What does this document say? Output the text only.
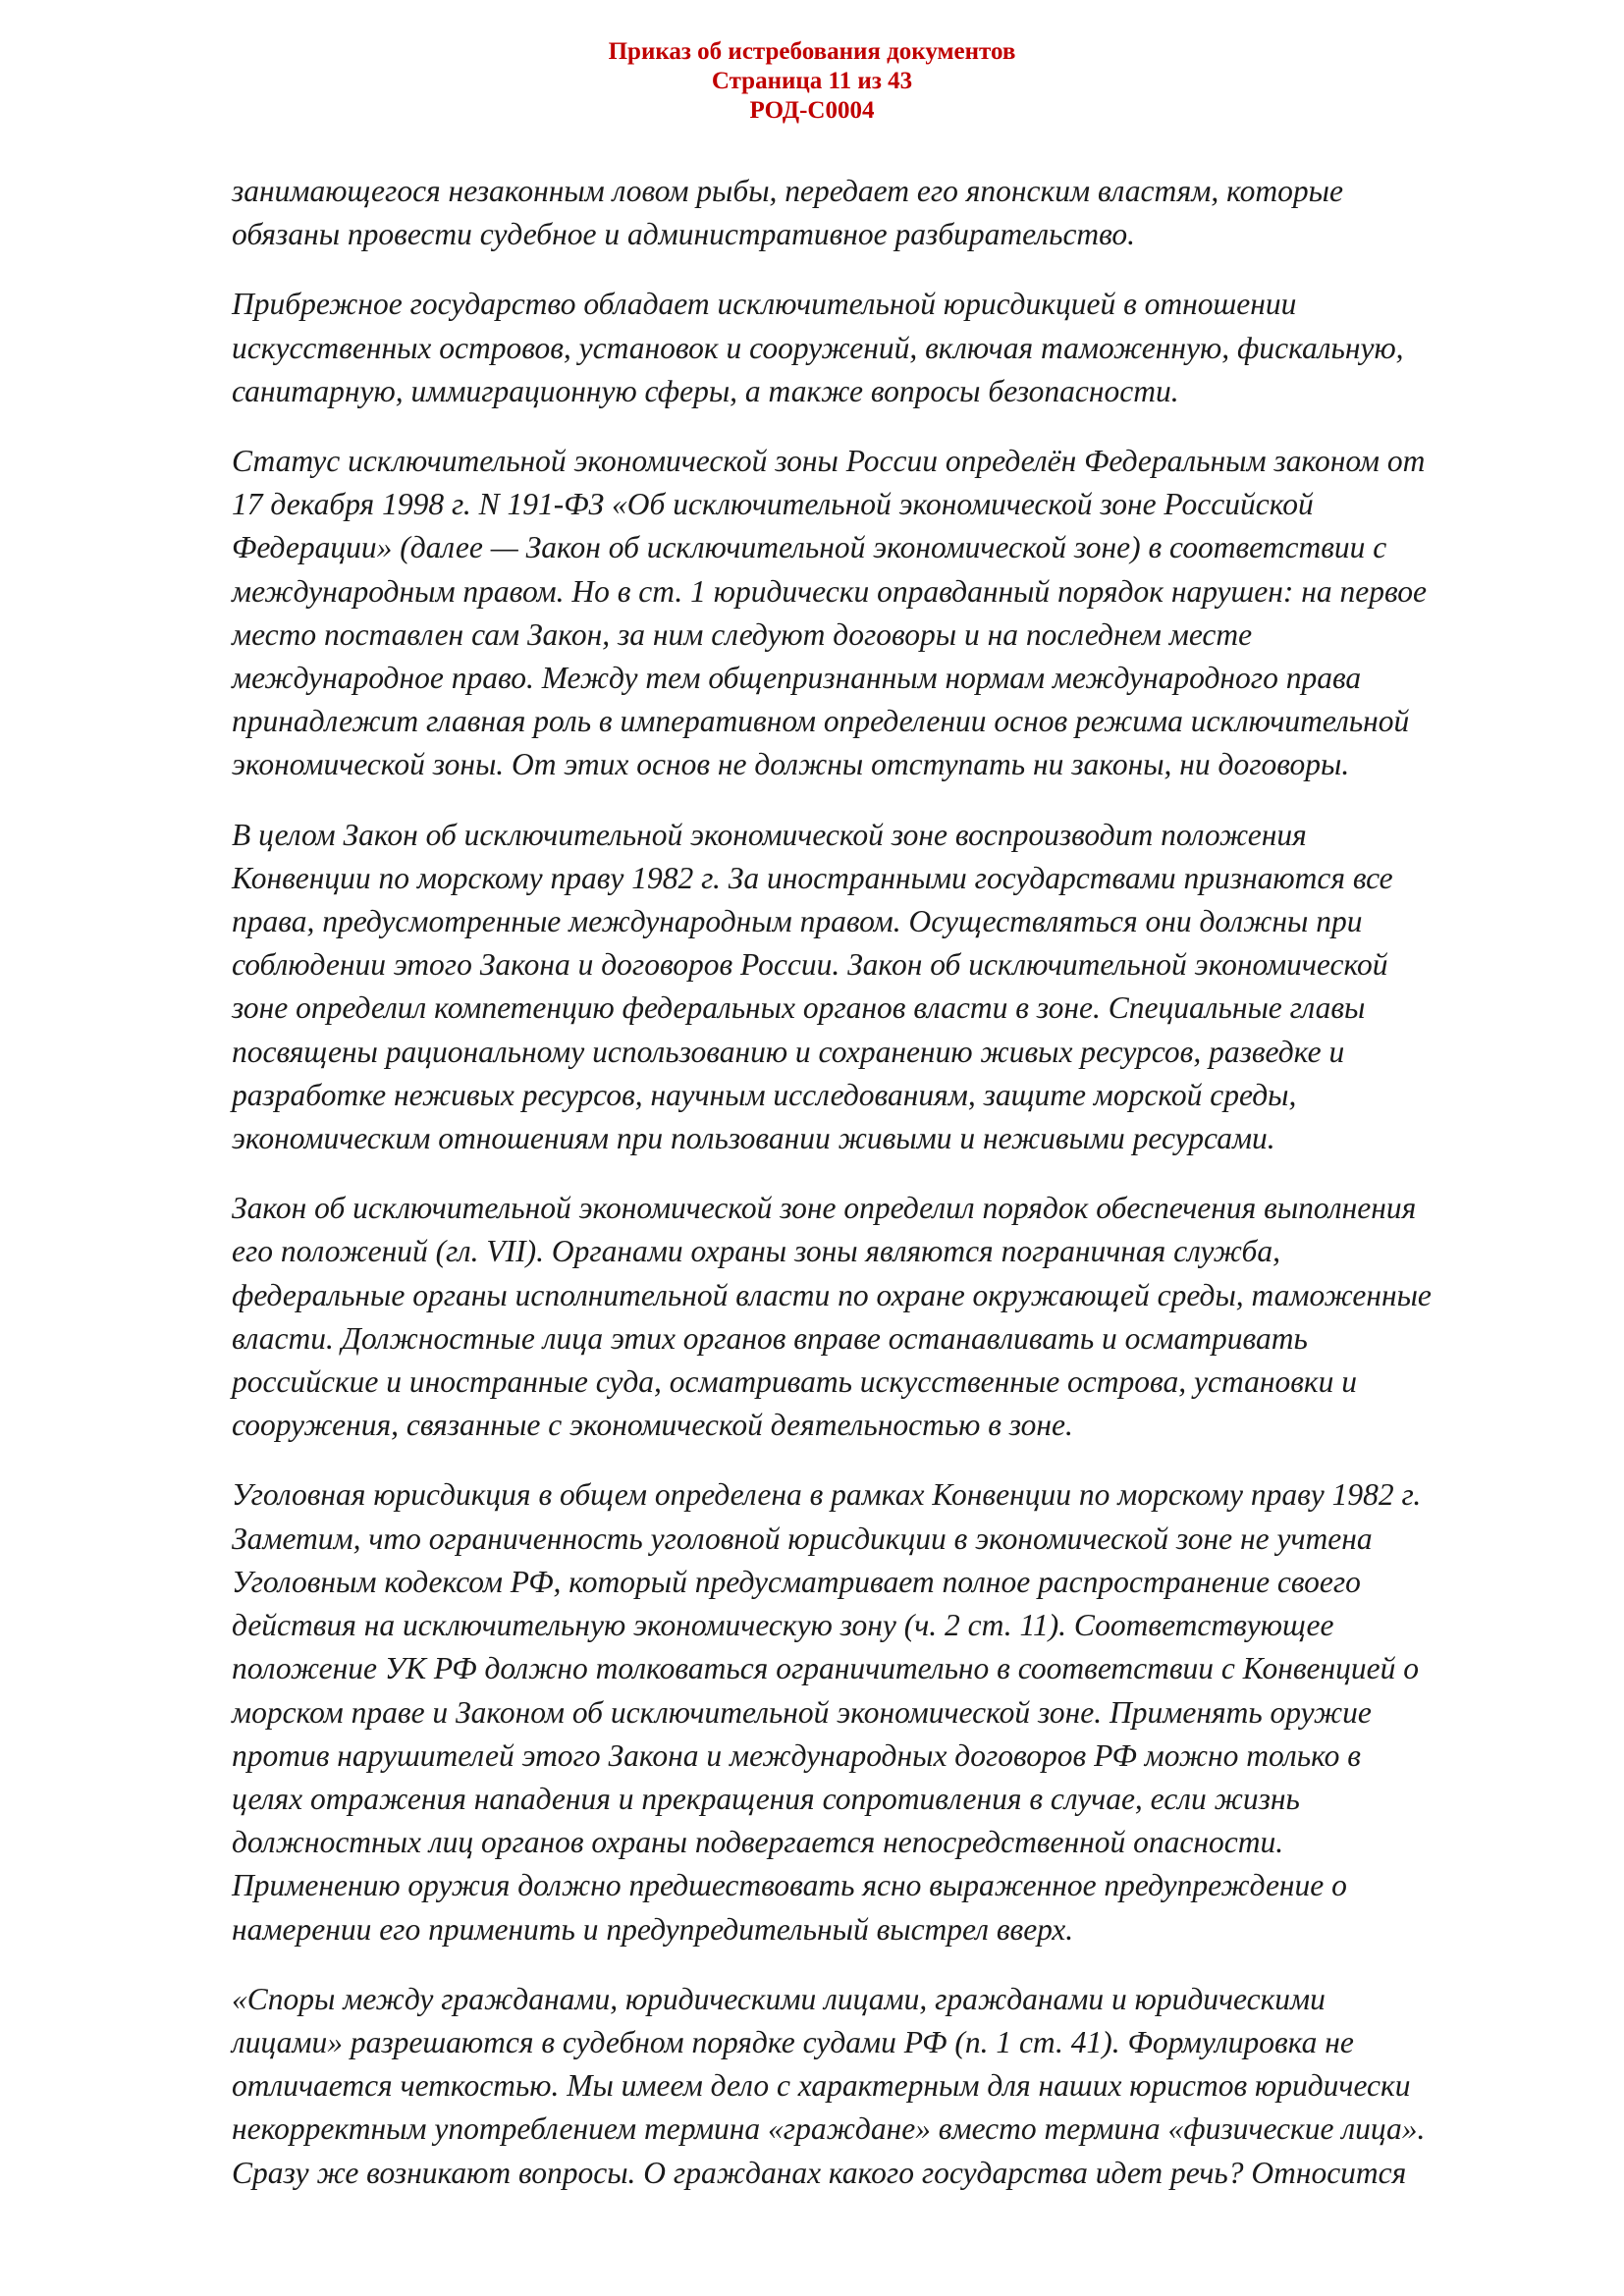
Приказ об истребования документов
Страница 11 из 43
РОД-С0004

занимающегося незаконным ловом рыбы, передает его японским властям, которые
обязаны провести судебное и административное разбирательство.

Прибрежное государство обладает исключительной юрисдикцией в отношении
искусственных островов, установок и сооружений, включая таможенную, фискальную,
санитарную, иммиграционную сферы, а также вопросы безопасности.

Статус исключительной экономической зоны России определён Федеральным законом от
17 декабря 1998 г. N 191-ФЗ «Об исключительной экономической зоне Российской
Федерации» (далее — Закон об исключительной экономической зоне) в соответствии с
международным правом. Но в ст. 1 юридически оправданный порядок нарушен: на первое
место поставлен сам Закон, за ним следуют договоры и на последнем месте
международное право. Между тем общепризнанным нормам международного права
принадлежит главная роль в императивном определении основ режима исключительной
экономической зоны. От этих основ не должны отступать ни законы, ни договоры.

В целом Закон об исключительной экономической зоне воспроизводит положения
Конвенции по морскому праву 1982 г. За иностранными государствами признаются все
права, предусмотренные международным правом. Осуществляться они должны при
соблюдении этого Закона и договоров России. Закон об исключительной экономической
зоне определил компетенцию федеральных органов власти в зоне. Специальные главы
посвящены рациональному использованию и сохранению живых ресурсов, разведке и
разработке неживых ресурсов, научным исследованиям, защите морской среды,
экономическим отношениям при пользовании живыми и неживыми ресурсами.

Закон об исключительной экономической зоне определил порядок обеспечения выполнения
его положений (гл. VII). Органами охраны зоны являются пограничная служба,
федеральные органы исполнительной власти по охране окружающей среды, таможенные
власти. Должностные лица этих органов вправе останавливать и осматривать
российские и иностранные суда, осматривать искусственные острова, установки и
сооружения, связанные с экономической деятельностью в зоне.

Уголовная юрисдикция в общем определена в рамках Конвенции по морскому праву 1982 г.
Заметим, что ограниченность уголовной юрисдикции в экономической зоне не учтена
Уголовным кодексом РФ, который предусматривает полное распространение своего
действия на исключительную экономическую зону (ч. 2 ст. 11). Соответствующее
положение УК РФ должно толковаться ограничительно в соответствии с Конвенцией о
морском праве и Законом об исключительной экономической зоне. Применять оружие
против нарушителей этого Закона и международных договоров РФ можно только в
целях отражения нападения и прекращения сопротивления в случае, если жизнь
должностных лиц органов охраны подвергается непосредственной опасности.
Применению оружия должно предшествовать ясно выраженное предупреждение о
намерении его применить и предупредительный выстрел вверх.

«Споры между гражданами, юридическими лицами, гражданами и юридическими
лицами» разрешаются в судебном порядке судами РФ (п. 1 ст. 41). Формулировка не
отличается четкостью. Мы имеем дело с характерным для наших юристов юридически
некорректным употреблением термина «граждане» вместо термина «физические лица».
Сразу же возникают вопросы. О гражданах какого государства идет речь? Относится
